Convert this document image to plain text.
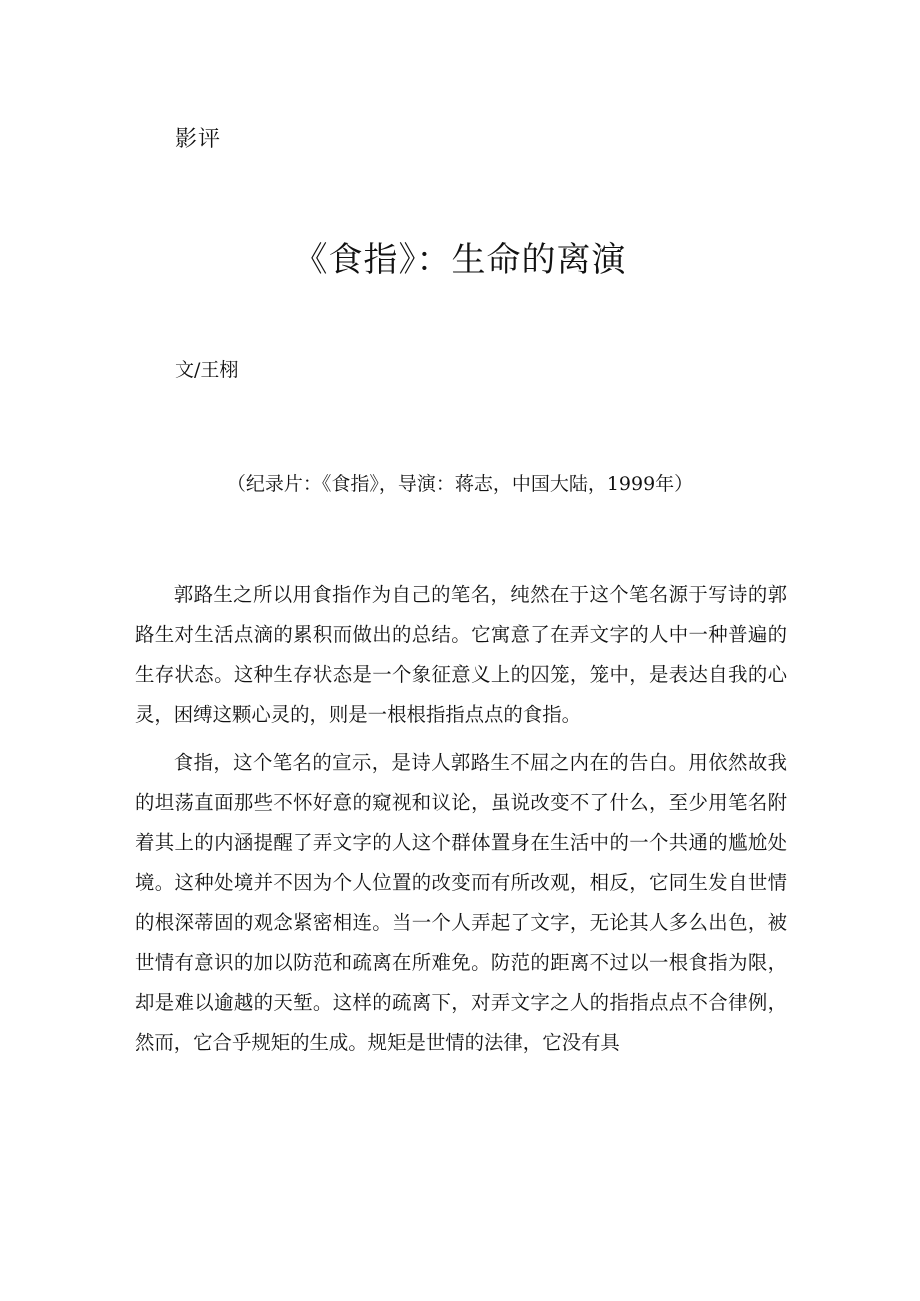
影评
《食指》：生命的离演
文/王栩
（纪录片：《食指》，导演：蒋志，中国大陆，1999年）

郭路生之所以用食指作为自己的笔名，纯然在于这个笔名源于写诗的郭路生对生活点滴的累积而做出的总结。它寓意了在弄文字的人中一种普遍的生存状态。这种生存状态是一个象征意义上的囚笼，笼中，是表达自我的心灵，困缚这颗心灵的，则是一根根指指点点的食指。

食指，这个笔名的宣示，是诗人郭路生不屈之内在的告白。用依然故我的坦荡直面那些不怀好意的窥视和议论，虽说改变不了什么，至少用笔名附着其上的内涵提醒了弄文字的人这个群体置身在生活中的一个共通的尴尬处境。这种处境并不因为个人位置的改变而有所改观，相反，它同生发自世情的根深蒂固的观念紧密相连。当一个人弄起了文字，无论其人多么出色，被世情有意识的加以防范和疏离在所难免。防范的距离不过以一根食指为限，却是难以逾越的天堑。这样的疏离下，对弄文字之人的指指点点不合律例，然而，它合乎规矩的生成。规矩是世情的法律，它没有具
